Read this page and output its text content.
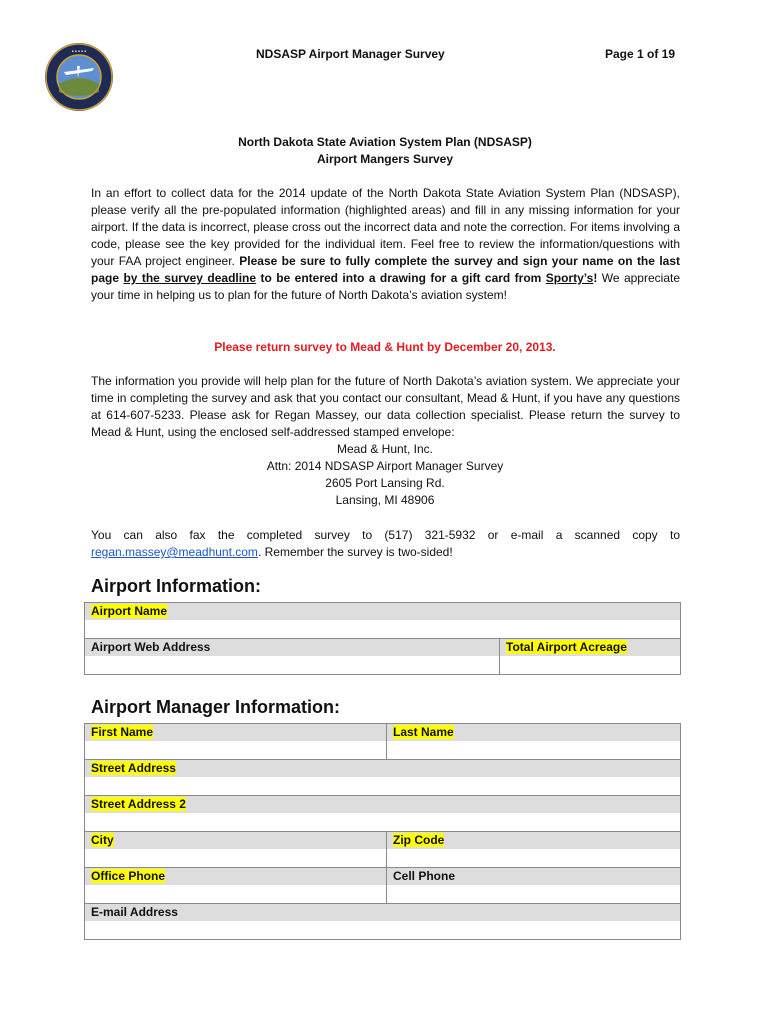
• • • • •	NDSASP Airport Manager Survey	Page 1 of 19
North Dakota State Aviation System Plan (NDSASP)
Airport Mangers Survey
In an effort to collect data for the 2014 update of the North Dakota State Aviation System Plan (NDSASP), please verify all the pre-populated information (highlighted areas) and fill in any missing information for your airport. If the data is incorrect, please cross out the incorrect data and note the correction. For items involving a code, please see the key provided for the individual item. Feel free to review the information/questions with your FAA project engineer. Please be sure to fully complete the survey and sign your name on the last page by the survey deadline to be entered into a drawing for a gift card from Sporty’s! We appreciate your time in helping us to plan for the future of North Dakota’s aviation system!
Please return survey to Mead & Hunt by December 20, 2013.
The information you provide will help plan for the future of North Dakota’s aviation system. We appreciate your time in completing the survey and ask that you contact our consultant, Mead & Hunt, if you have any questions at 614-607-5233. Please ask for Regan Massey, our data collection specialist. Please return the survey to Mead & Hunt, using the enclosed self-addressed stamped envelope:
Mead & Hunt, Inc.
Attn: 2014 NDSASP Airport Manager Survey
2605 Port Lansing Rd.
Lansing, MI 48906
You can also fax the completed survey to (517) 321-5932 or e-mail a scanned copy to regan.massey@meadhunt.com. Remember the survey is two-sided!
Airport Information:
Airport Name

Airport Web Address	Total Airport Acreage
Airport Manager Information:
First Name	Last Name

Street Address	

Street Address 2	

City	Zip Code

Office Phone	Cell Phone

E-mail Address	
